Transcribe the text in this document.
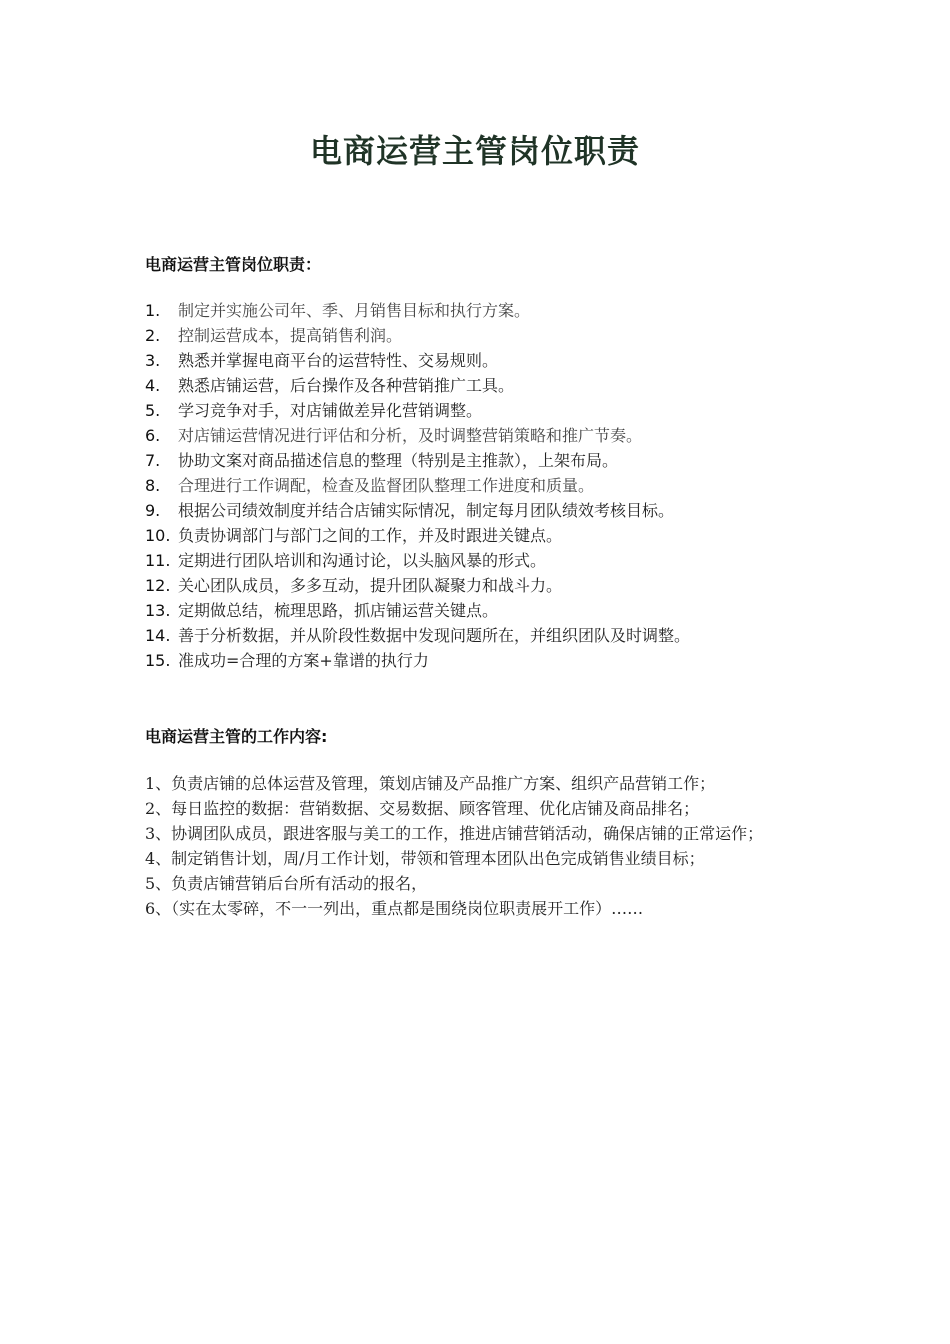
电商运营主管岗位职责
电商运营主管岗位职责：
1.	制定并实施公司年、季、月销售目标和执行方案。
2.	控制运营成本，提高销售利润。
3.	熟悉并掌握电商平台的运营特性、交易规则。
4.	熟悉店铺运营，后台操作及各种营销推广工具。
5.	学习竞争对手，对店铺做差异化营销调整。
6.	对店铺运营情况进行评估和分析，及时调整营销策略和推广节奏。
7.	协助文案对商品描述信息的整理（特别是主推款），上架布局。
8.	合理进行工作调配，检查及监督团队整理工作进度和质量。
9.	根据公司绩效制度并结合店铺实际情况，制定每月团队绩效考核目标。
10. 负责协调部门与部门之间的工作，并及时跟进关键点。
11. 定期进行团队培训和沟通讨论，以头脑风暴的形式。
12. 关心团队成员，多多互动，提升团队凝聚力和战斗力。
13. 定期做总结，梳理思路，抓店铺运营关键点。
14. 善于分析数据，并从阶段性数据中发现问题所在，并组织团队及时调整。
15. 准成功=合理的方案+靠谱的执行力
电商运营主管的工作内容:
1、负责店铺的总体运营及管理，策划店铺及产品推广方案、组织产品营销工作；
2、每日监控的数据：营销数据、交易数据、顾客管理、优化店铺及商品排名；
3、协调团队成员，跟进客服与美工的工作，推进店铺营销活动，确保店铺的正常运作；
4、制定销售计划，周/月工作计划，带领和管理本团队出色完成销售业绩目标；
5、负责店铺营销后台所有活动的报名，
6、（实在太零碎，不一一列出，重点都是围绕岗位职责展开工作）……
